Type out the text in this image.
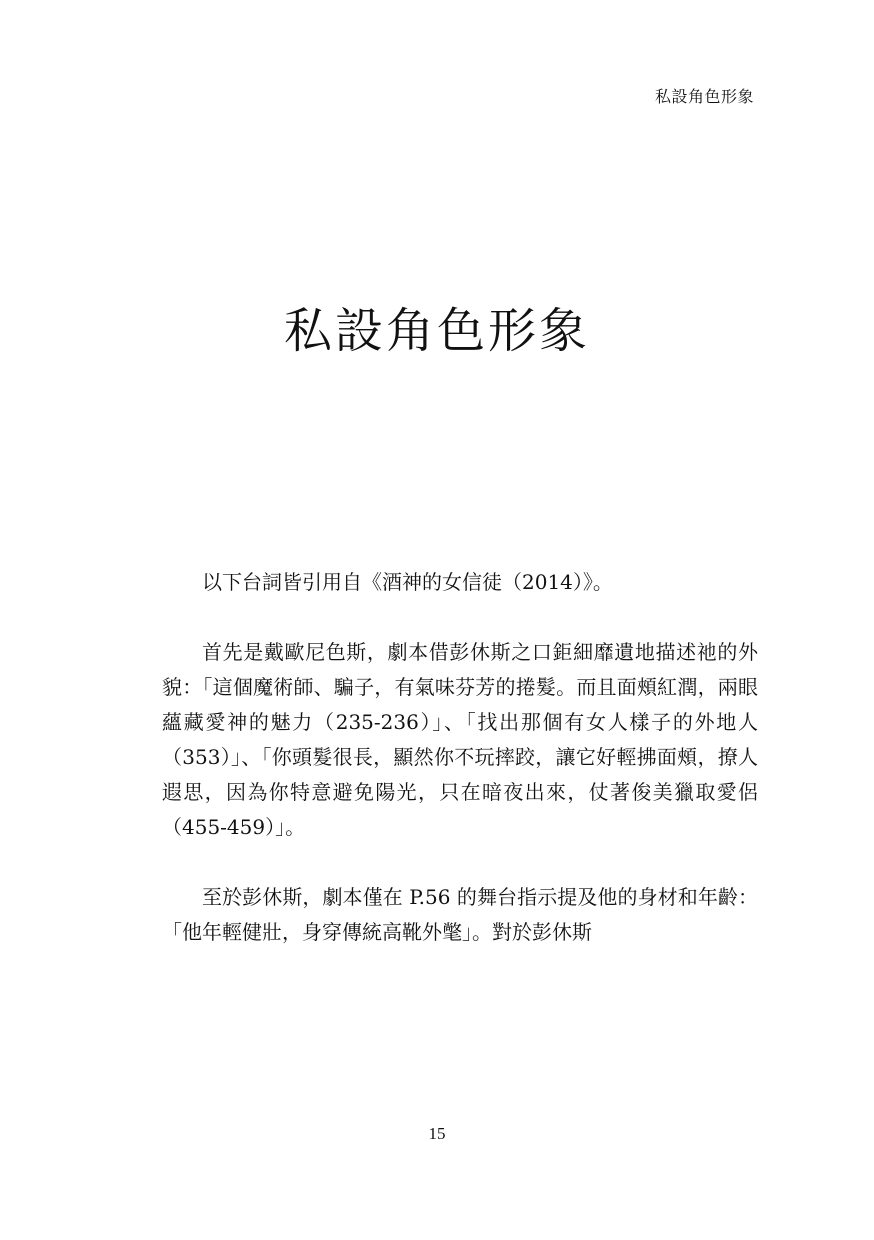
私設角色形象
私設角色形象

以下台詞皆引用自《酒神的女信徒（2014）》。

首先是戴歐尼色斯，劇本借彭休斯之口鉅細靡遺地描述祂的外貌：「這個魔術師、騙子，有氣味芬芳的捲髮。而且面頰紅潤，兩眼蘊藏愛神的魅力（235-236）」、「找出那個有女人樣子的外地人（353）」、「你頭髮很長，顯然你不玩摔跤，讓它好輕拂面頰，撩人遐思，因為你特意避免陽光，只在暗夜出來，仗著俊美獵取愛侶（455-459）」。

至於彭休斯，劇本僅在 P.56 的舞台指示提及他的身材和年齡：「他年輕健壯，身穿傳統高靴外氅」。對於彭休斯

15
